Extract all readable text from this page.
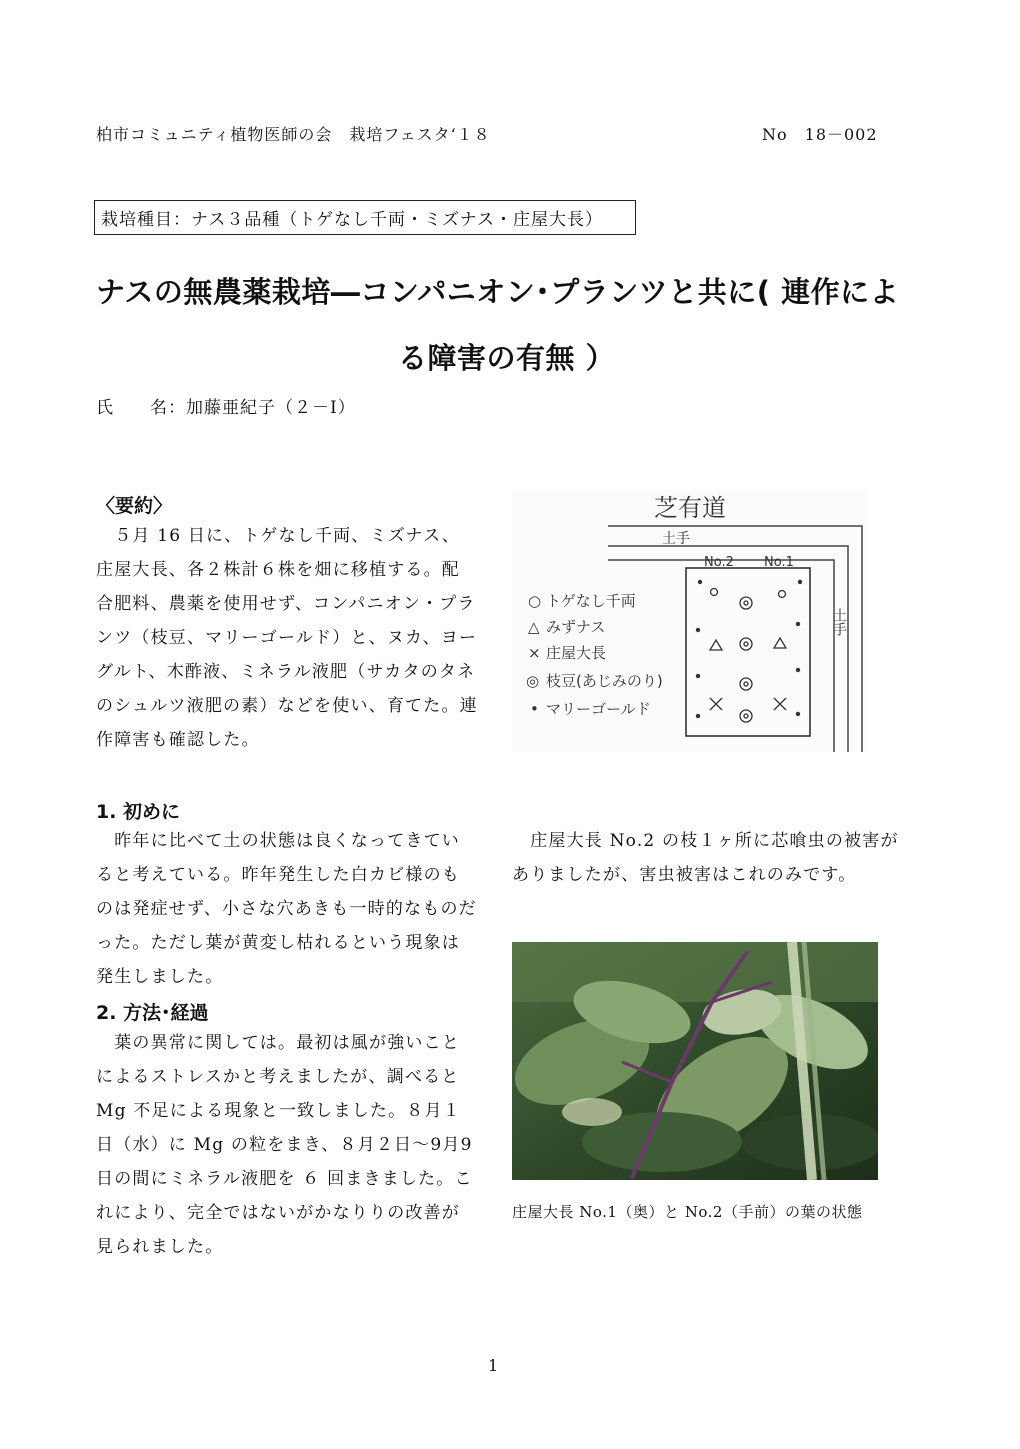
柏市コミュニティ植物医師の会　栽培フェスタ‘１８	No　18－002
栽培種目：ナス３品種（トゲなし千両・ミズナス・庄屋大長）
ナスの無農薬栽培―コンパニオン･プランツと共に( 連作によ
る障害の有無 ）
氏　　名：加藤亜紀子（２－I）
〈要約〉
　５月 16 日に、トゲなし千両、ミズナス、庄屋大長、各２株計６株を畑に移植する。配合肥料、農薬を使用せず、コンパニオン・プランツ（枝豆、マリーゴールド）と、ヌカ、ヨーグルト、木酢液、ミネラル液肥（サカタのタネのシュルツ液肥の素）などを使い、育てた。連作障害も確認した。
芝有道
土手
土手
No.2 No.1
○ トゲなし千両
△ みずナス
× 庄屋大長
◎ 枝豆(あじみのり)
• マリーゴールド
1. 初めに
　昨年に比べて土の状態は良くなってきていると考えている。昨年発生した白カビ様のものは発症せず、小さな穴あきも一時的なものだった。ただし葉が黄変し枯れるという現象は発生しました。
2. 方法･経過
　葉の異常に関しては。最初は風が強いことによるストレスかと考えましたが、調べるとMg 不足による現象と一致しました。８月１日（水）に Mg の粒をまき、８月２日～9月9 日の間にミネラル液肥を ６ 回まきました。これにより、完全ではないがかなりりの改善が見られました。
　庄屋大長 No.2 の枝１ヶ所に芯喰虫の被害がありましたが、害虫被害はこれのみです。
庄屋大長 No.1（奥）と No.2（手前）の葉の状態
1
